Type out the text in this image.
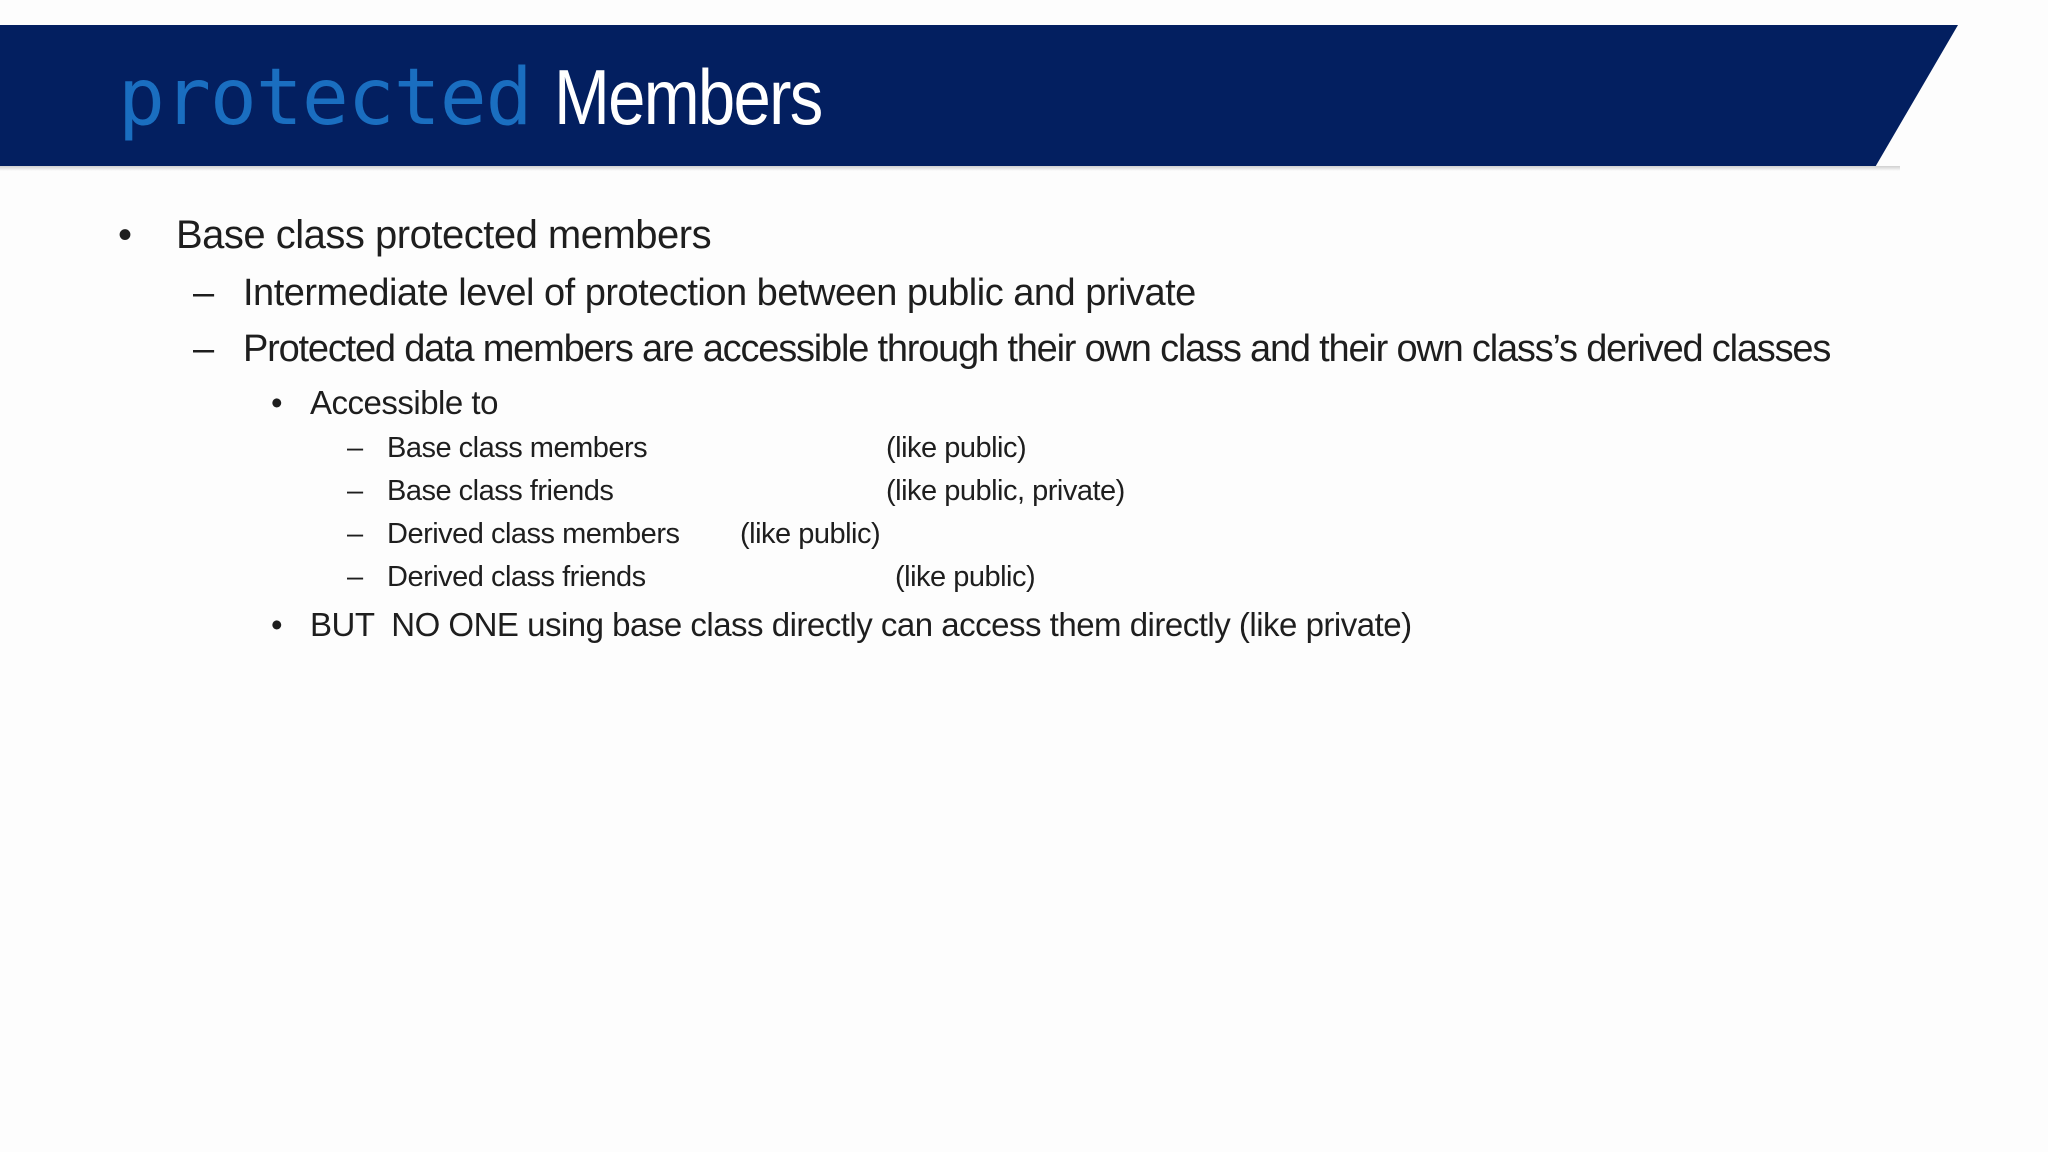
protected Members
•	Base class protected members
– Intermediate level of protection between public and private
– Protected data members are accessible through their own class and their own class’s derived classes
• Accessible to
– Base class members	(like public)
– Base class friends	(like public, private)
– Derived class members (like public)
– Derived class friends	(like public)
• BUT  NO ONE using base class directly can access them directly (like private)
